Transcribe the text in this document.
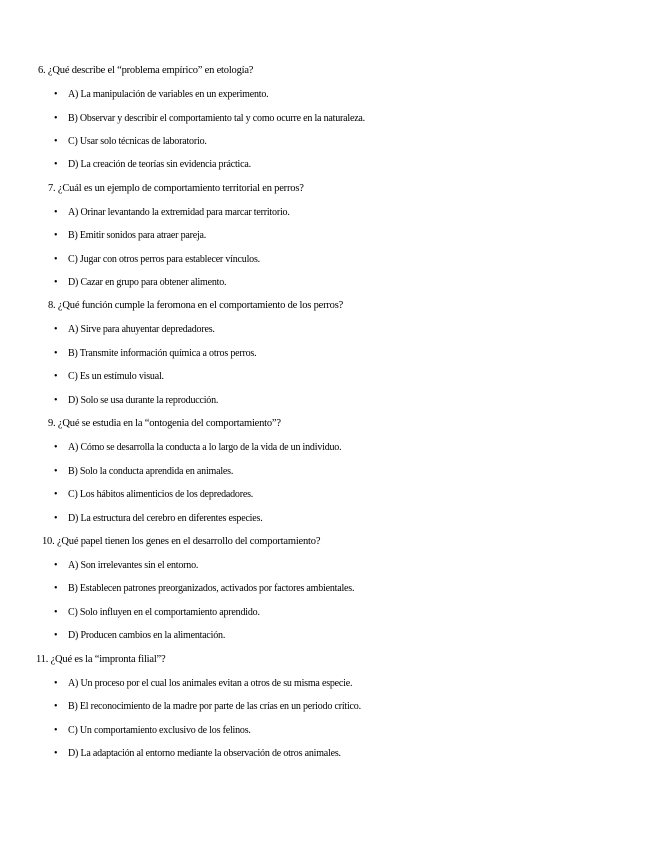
6. ¿Qué describe el “problema empírico” en etología?
• A) La manipulación de variables en un experimento.
• B) Observar y describir el comportamiento tal y como ocurre en la naturaleza.
• C) Usar solo técnicas de laboratorio.
• D) La creación de teorías sin evidencia práctica.
7. ¿Cuál es un ejemplo de comportamiento territorial en perros?
• A) Orinar levantando la extremidad para marcar territorio.
• B) Emitir sonidos para atraer pareja.
• C) Jugar con otros perros para establecer vínculos.
• D) Cazar en grupo para obtener alimento.
8. ¿Qué función cumple la feromona en el comportamiento de los perros?
• A) Sirve para ahuyentar depredadores.
• B) Transmite información química a otros perros.
• C) Es un estímulo visual.
• D) Solo se usa durante la reproducción.
9. ¿Qué se estudia en la “ontogenia del comportamiento”?
• A) Cómo se desarrolla la conducta a lo largo de la vida de un individuo.
• B) Solo la conducta aprendida en animales.
• C) Los hábitos alimenticios de los depredadores.
• D) La estructura del cerebro en diferentes especies.
10. ¿Qué papel tienen los genes en el desarrollo del comportamiento?
• A) Son irrelevantes sin el entorno.
• B) Establecen patrones preorganizados, activados por factores ambientales.
• C) Solo influyen en el comportamiento aprendido.
• D) Producen cambios en la alimentación.
11. ¿Qué es la “impronta filial”?
• A) Un proceso por el cual los animales evitan a otros de su misma especie.
• B) El reconocimiento de la madre por parte de las crías en un periodo crítico.
• C) Un comportamiento exclusivo de los felinos.
• D) La adaptación al entorno mediante la observación de otros animales.
